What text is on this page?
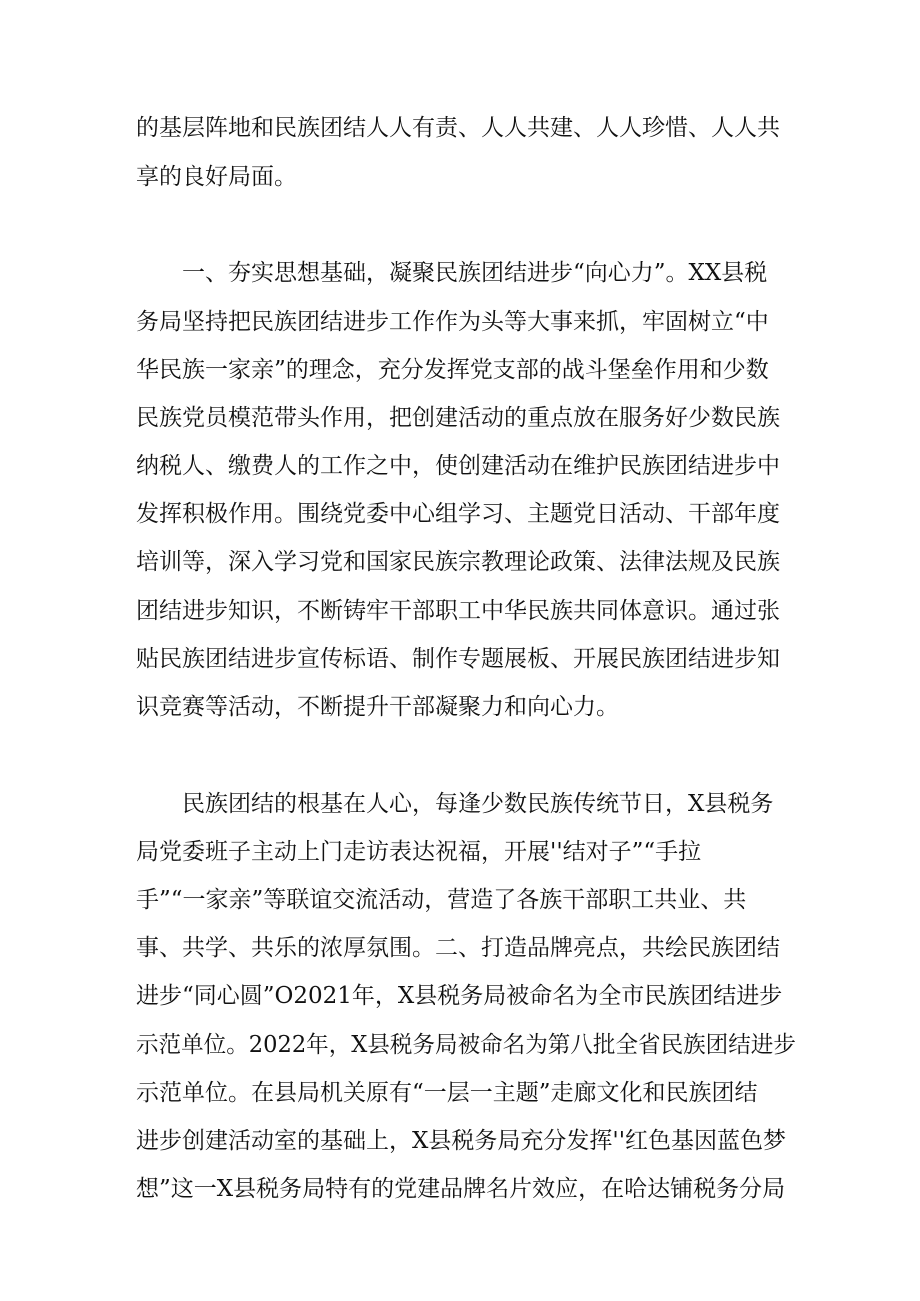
的基层阵地和民族团结人人有责、人人共建、人人珍惜、人人共
享的良好局面。
一、夯实思想基础，凝聚民族团结进步“向心力”。XX县税
务局坚持把民族团结进步工作作为头等大事来抓，牢固树立“中
华民族一家亲”的理念，充分发挥党支部的战斗堡垒作用和少数
民族党员模范带头作用，把创建活动的重点放在服务好少数民族
纳税人、缴费人的工作之中，使创建活动在维护民族团结进步中
发挥积极作用。围绕党委中心组学习、主题党日活动、干部年度
培训等，深入学习党和国家民族宗教理论政策、法律法规及民族
团结进步知识，不断铸牢干部职工中华民族共同体意识。通过张
贴民族团结进步宣传标语、制作专题展板、开展民族团结进步知
识竞赛等活动，不断提升干部凝聚力和向心力。
民族团结的根基在人心，每逢少数民族传统节日，X县税务
局党委班子主动上门走访表达祝福，开展''结对子”“手拉
手”“一家亲”等联谊交流活动，营造了各族干部职工共业、共
事、共学、共乐的浓厚氛围。二、打造品牌亮点，共绘民族团结
进步“同心圆”O2021年，X县税务局被命名为全市民族团结进步
示范单位。2022年，X县税务局被命名为第八批全省民族团结进步
示范单位。在县局机关原有“一层一主题”走廊文化和民族团结
进步创建活动室的基础上，X县税务局充分发挥''红色基因蓝色梦
想”这一X县税务局特有的党建品牌名片效应，在哈达铺税务分局
